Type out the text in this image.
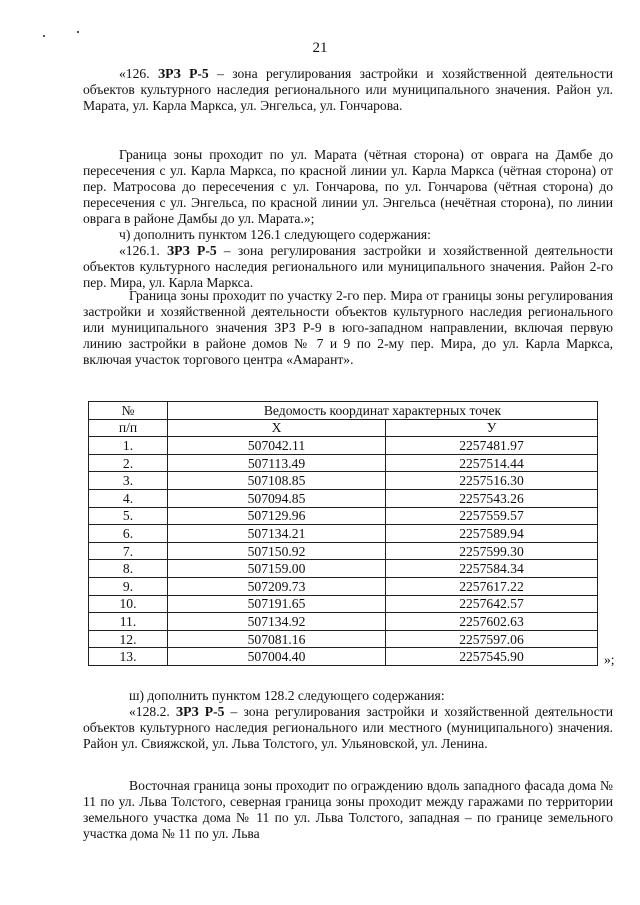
21

«126. ЗРЗ Р-5 – зона регулирования застройки и хозяйственной деятельности объектов культурного наследия регионального или муниципального значения. Район ул. Марата, ул. Карла Маркса, ул. Энгельса, ул. Гончарова.

Граница зоны проходит по ул. Марата (чётная сторона) от оврага на Дамбе до пересечения с ул. Карла Маркса, по красной линии ул. Карла Маркса (чётная сторона) от пер. Матросова до пересечения с ул. Гончарова, по ул. Гончарова (чётная сторона) до пересечения с ул. Энгельса, по красной линии ул. Энгельса (нечётная сторона), по линии оврага в районе Дамбы до ул. Марата.»;

ч) дополнить пунктом 126.1 следующего содержания:

«126.1. ЗРЗ Р-5 – зона регулирования застройки и хозяйственной деятельности объектов культурного наследия регионального или муниципального значения. Район 2-го пер. Мира, ул. Карла Маркса.

Граница зоны проходит по участку 2-го пер. Мира от границы зоны регулирования застройки и хозяйственной деятельности объектов культурного наследия регионального или муниципального значения ЗРЗ Р-9 в юго-западном направлении, включая первую линию застройки в районе домов № 7 и 9 по 2-му пер. Мира, до ул. Карла Маркса, включая участок торгового центра «Амарант».

№	Ведомость координат характерных точек	
п/п	X	У
1.	507042.11	2257481.97
2.	507113.49	2257514.44
3.	507108.85	2257516.30
4.	507094.85	2257543.26
5.	507129.96	2257559.57
6.	507134.21	2257589.94
7.	507150.92	2257599.30
8.	507159.00	2257584.34
9.	507209.73	2257617.22
10.	507191.65	2257642.57
11.	507134.92	2257602.63
12.	507081.16	2257597.06
13.	507004.40	2257545.90	»;

ш) дополнить пунктом 128.2 следующего содержания:

«128.2. ЗРЗ Р-5 – зона регулирования застройки и хозяйственной деятельности объектов культурного наследия регионального или местного (муниципального) значения. Район ул. Свияжской, ул. Льва Толстого, ул. Ульяновской, ул. Ленина.

Восточная граница зоны проходит по ограждению вдоль западного фасада дома № 11 по ул. Льва Толстого, северная граница зоны проходит между гаражами по территории земельного участка дома № 11 по ул. Льва Толстого, западная – по границе земельного участка дома № 11 по ул. Льва
